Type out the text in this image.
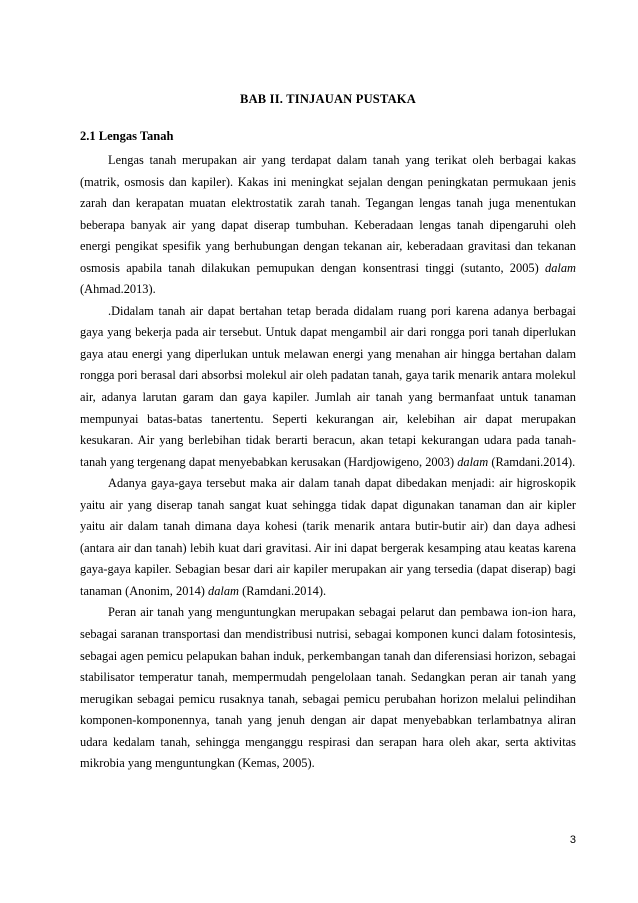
BAB II. TINJAUAN PUSTAKA
2.1 Lengas Tanah

Lengas tanah merupakan air yang terdapat dalam tanah yang terikat oleh berbagai kakas (matrik, osmosis dan kapiler). Kakas ini meningkat sejalan dengan peningkatan permukaan jenis zarah dan kerapatan muatan elektrostatik zarah tanah. Tegangan lengas tanah juga menentukan beberapa banyak air yang dapat diserap tumbuhan. Keberadaan lengas tanah dipengaruhi oleh energi pengikat spesifik yang berhubungan dengan tekanan air, keberadaan gravitasi dan tekanan osmosis apabila tanah dilakukan pemupukan dengan konsentrasi tinggi (sutanto, 2005) dalam (Ahmad.2013).

.Didalam tanah air dapat bertahan tetap berada didalam ruang pori karena adanya berbagai gaya yang bekerja pada air tersebut. Untuk dapat mengambil air dari rongga pori tanah diperlukan gaya atau energi yang diperlukan untuk melawan energi yang menahan air hingga bertahan dalam rongga pori berasal dari absorbsi molekul air oleh padatan tanah, gaya tarik menarik antara molekul air, adanya larutan garam dan gaya kapiler. Jumlah air tanah yang bermanfaat untuk tanaman mempunyai batas-batas tanertentu. Seperti kekurangan air, kelebihan air dapat merupakan kesukaran. Air yang berlebihan tidak berarti beracun, akan tetapi kekurangan udara pada tanah-tanah yang tergenang dapat menyebabkan kerusakan (Hardjowigeno, 2003) dalam (Ramdani.2014).

Adanya gaya-gaya tersebut maka air dalam tanah dapat dibedakan menjadi: air higroskopik yaitu air yang diserap tanah sangat kuat sehingga tidak dapat digunakan tanaman dan air kipler yaitu air dalam tanah dimana daya kohesi (tarik menarik antara butir-butir air) dan daya adhesi (antara air dan tanah) lebih kuat dari gravitasi. Air ini dapat bergerak kesamping atau keatas karena gaya-gaya kapiler. Sebagian besar dari air kapiler merupakan air yang tersedia (dapat diserap) bagi tanaman (Anonim, 2014) dalam (Ramdani.2014).

Peran air tanah yang menguntungkan merupakan sebagai pelarut dan pembawa ion-ion hara, sebagai saranan transportasi dan mendistribusi nutrisi, sebagai komponen kunci dalam fotosintesis, sebagai agen pemicu pelapukan bahan induk, perkembangan tanah dan diferensiasi horizon, sebagai stabilisator temperatur tanah, mempermudah pengelolaan tanah. Sedangkan peran air tanah yang merugikan sebagai pemicu rusaknya tanah, sebagai pemicu perubahan horizon melalui pelindihan komponen-komponennya, tanah yang jenuh dengan air dapat menyebabkan terlambatnya aliran udara kedalam tanah, sehingga menganggu respirasi dan serapan hara oleh akar, serta aktivitas mikrobia yang menguntungkan (Kemas, 2005).

3
